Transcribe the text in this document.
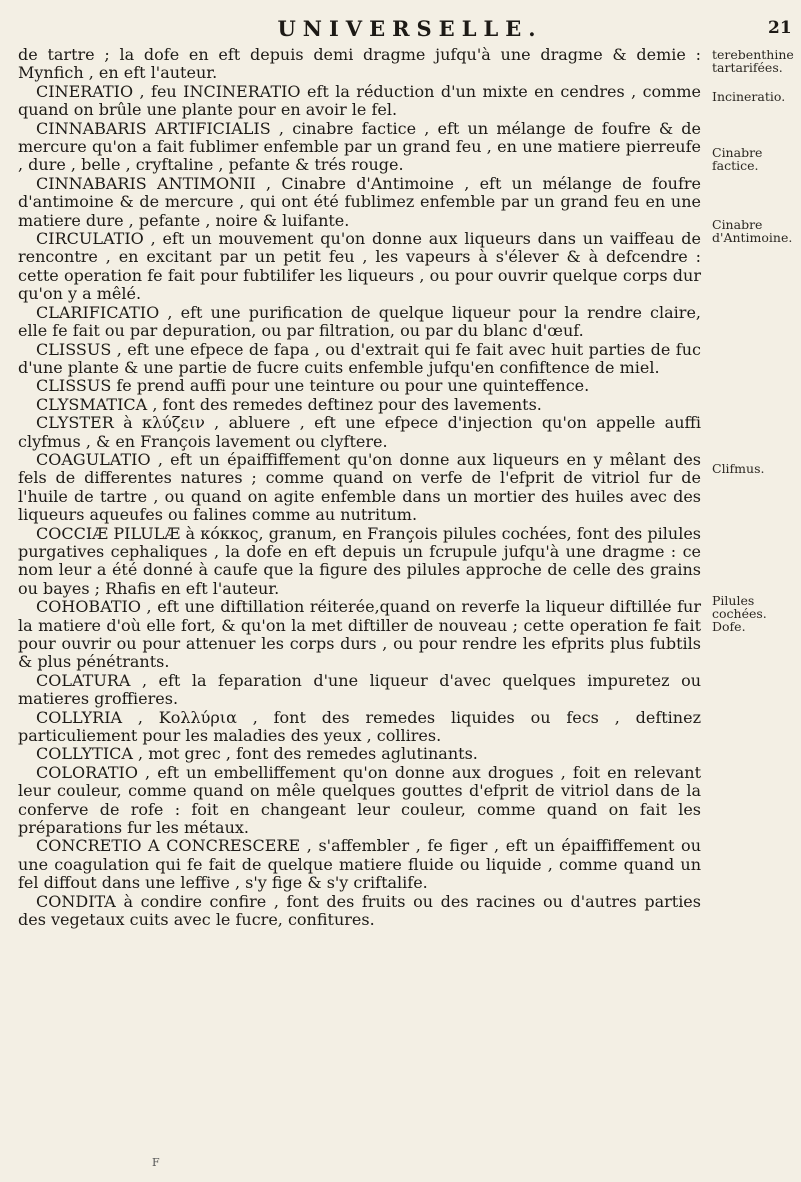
UNIVERSELLE.	21

de tartre ; la dofe en eft depuis demi dragme jufqu'à une dragme & demie : Mynfich , en eft l'auteur.

CINERATIO , feu INCINERATIO eft la réduction d'un mixte en cendres , comme quand on brûle une plante pour en avoir le fel.

CINNABARIS ARTIFICIALIS , cinabre factice , eft un mélange de foufre & de mercure qu'on a fait fublimer enfemble par un grand feu , en une matiere pierreufe , dure , belle , cryftaline , pefante & trés rouge.

CINNABARIS ANTIMONII , Cinabre d'Antimoine , eft un mélange de foufre d'antimoine & de mercure , qui ont été fublimez enfemble par un grand feu en une matiere dure , pefante , noire & luifante.

CIRCULATIO , eft un mouvement qu'on donne aux liqueurs dans un vaiffeau de rencontre , en excitant par un petit feu , les vapeurs à s'élever & à defcendre : cette operation fe fait pour fubtilifer les liqueurs , ou pour ouvrir quelque corps dur qu'on y a mêlé.

CLARIFICATIO , eft une purification de quelque liqueur pour la rendre claire, elle fe fait ou par depuration, ou par filtration, ou par du blanc d'œuf.

CLISSUS , eft une efpece de fapa , ou d'extrait qui fe fait avec huit parties de fuc d'une plante & une partie de fucre cuits enfemble jufqu'en confiftence de miel.

CLISSUS fe prend auffi pour une teinture ou pour une quinteffence.

CLYSMATICA , font des remedes deftinez pour des lavements.

CLYSTER à κλύζειν , abluere , eft une efpece d'injection qu'on appelle auffi clyfmus , & en François lavement ou clyftere.

COAGULATIO , eft un épaiffiffement qu'on donne aux liqueurs en y mêlant des fels de differentes natures ; comme quand on verfe de l'efprit de vitriol fur de l'huile de tartre , ou quand on agite enfemble dans un mortier des huiles avec des liqueurs aqueufes ou falines comme au nutritum.

COCCIÆ PILULÆ à κόκκος, granum, en François pilules cochées, font des pilules purgatives cephaliques , la dofe en eft depuis un fcrupule jufqu'à une dragme : ce nom leur a été donné à caufe que la figure des pilules approche de celle des grains ou bayes ; Rhafis en eft l'auteur.

COHOBATIO , eft une diftillation réiterée,quand on reverfe la liqueur diftillée fur la matiere d'où elle fort, & qu'on la met diftiller de nouveau ; cette operation fe fait pour ouvrir ou pour attenuer les corps durs , ou pour rendre les efprits plus fubtils & plus pénétrants.

COLATURA , eft la feparation d'une liqueur d'avec quelques impuretez ou matieres groffieres.

COLLYRIA , Κολλύρια , font des remedes liquides ou fecs , deftinez particuliement pour les maladies des yeux , collires.

COLLYTICA , mot grec , font des remedes aglutinants.

COLORATIO , eft un embelliffement qu'on donne aux drogues , foit en relevant leur couleur, comme quand on mêle quelques gouttes d'efprit de vitriol dans de la conferve de rofe : foit en changeant leur couleur, comme quand on fait les préparations fur les métaux.

CONCRETIO A CONCRESCERE , s'affembler , fe figer , eft un épaiffiffement ou une coagulation qui fe fait de quelque matiere fluide ou liquide , comme quand un fel diffout dans une leffive , s'y fige & s'y criftalife.

CONDITA à condire confire , font des fruits ou des racines ou d'autres parties des vegetaux cuits avec le fucre, confitures.

terebenthine tartarifées.
Incineratio.
Cinabre factice.
Cinabre d'Antimoine.
Clifmus.
Pilules cochées. Dofe.
F
